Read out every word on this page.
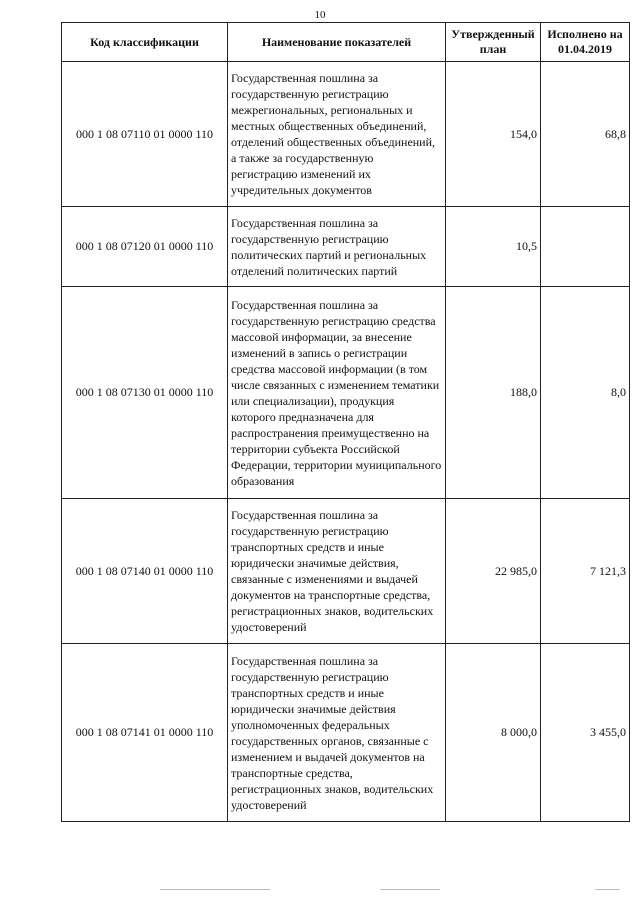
10
Код классификации	Наименование показателей	Утвержденный план	Исполнено на 01.04.2019
000 1 08 07110 01 0000 110	Государственная пошлина за государственную регистрацию межрегиональных, региональных и местных общественных объединений, отделений общественных объединений, а также за государственную регистрацию изменений их учредительных документов	154,0	68,8
000 1 08 07120 01 0000 110	Государственная пошлина за государственную регистрацию политических партий и региональных отделений политических партий	10,5	
000 1 08 07130 01 0000 110	Государственная пошлина за государственную регистрацию средства массовой информации, за внесение изменений в запись о регистрации средства массовой информации (в том числе связанных с изменением тематики или специализации), продукция которого предназначена для распространения преимущественно на территории субъекта Российской Федерации, территории муниципального образования	188,0	8,0
000 1 08 07140 01 0000 110	Государственная пошлина за государственную регистрацию транспортных средств и иные юридически значимые действия, связанные с изменениями и выдачей документов на транспортные средства, регистрационных знаков, водительских удостоверений	22 985,0	7 121,3
000 1 08 07141 01 0000 110	Государственная пошлина за государственную регистрацию транспортных средств и иные юридически значимые действия уполномоченных федеральных государственных органов, связанные с изменением и выдачей документов на транспортные средства, регистрационных знаков, водительских удостоверений	8 000,0	3 455,0
